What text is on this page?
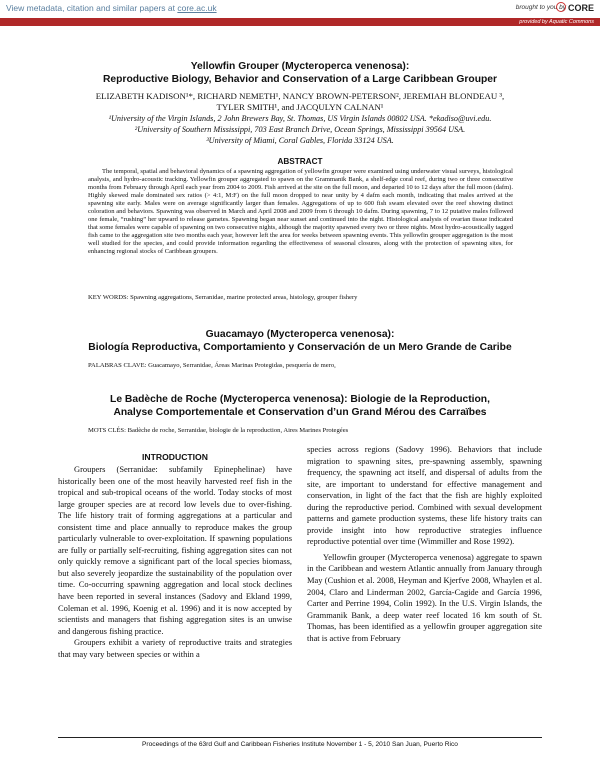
View metadata, citation and similar papers at core.ac.uk	brought to you by CORE
provided by Aquatic Commons
Yellowfin Grouper (Mycteroperca venenosa):
Reproductive Biology, Behavior and Conservation of a Large Caribbean Grouper
ELIZABETH KADISON¹*, RICHARD NEMETH¹, NANCY BROWN-PETERSON², JEREMIAH BLONDEAU ³,
TYLER SMITH¹, and JACQULYN CALNAN¹
¹University of the Virgin Islands, 2 John Brewers Bay, St. Thomas, US Virgin Islands 00802 USA. *ekadiso@uvi.edu.
²University of Southern Mississippi, 703 East Branch Drive, Ocean Springs, Mississippi 39564 USA.
³University of Miami, Coral Gables, Florida 33124 USA.
ABSTRACT
The temporal, spatial and behavioral dynamics of a spawning aggregation of yellowfin grouper were examined using underwater visual surveys, histological analysis, and hydro-acoustic tracking. Yellowfin grouper aggregated to spawn on the Grammanik Bank, a shelf-edge coral reef, during two or three consecutive months from February through April each year from 2004 to 2009. Fish arrived at the site on the full moon, and departed 10 to 12 days after the full moon (dafm). Highly skewed male dominated sex ratios (> 4:1, M:F) on the full moon dropped to near unity by 4 dafm each month, indicating that males arrived at the spawning site early. Males were on average significantly larger than females. Aggregations of up to 600 fish swam elevated over the reef showing distinct coloration and behaviors. Spawning was observed in March and April 2008 and 2009 from 6 through 10 dafm. During spawning, 7 to 12 putative males followed one female, “rushing” her upward to release gametes. Spawning began near sunset and continued into the night. Histological analysis of ovarian tissue indicated that some females were capable of spawning on two consecutive nights, although the majority spawned every two or three nights. Most hydro-acoustically tagged fish came to the aggregation site two months each year, however left the area for weeks between spawning events. This yellowfin grouper aggregation is the most well studied for the species, and could provide information regarding the effectiveness of seasonal closures, along with the protection of spawning sites, for enhancing regional stocks of Caribbean groupers.
KEY WORDS: Spawning aggregations, Serranidae, marine protected areas, histology, grouper fishery
Guacamayo (Mycteroperca venenosa):
Biología Reproductiva, Comportamiento y Conservación de un Mero Grande de Caribe
PALABRAS CLAVE: Guacamayo, Serranidae, Áreas Marinas Protegidas, pesquería de mero,
Le Badèche de Roche (Mycteroperca venenosa): Biologie de la Reproduction,
Analyse Comportementale et Conservation d’un Grand Mérou des Carraïbes
MOTS CLÉS: Badèche de roche, Serranidae, biologie de la reproduction, Aires Marines Protegées
INTRODUCTION

Groupers (Serranidae: subfamily Epinephelinae) have historically been one of the most heavily harvested reef fish in the tropical and sub-tropical oceans of the world. Today stocks of most large grouper species are at record low levels due to over-fishing. The life history trait of forming aggregations at a particular and consistent time and place annually to reproduce makes the group particularly vulnerable to over-exploitation. If spawning populations are fully or partially self-recruiting, fishing aggregation sites can not only quickly remove a significant part of the local species biomass, but also severely jeopardize the sustainability of the population over time. Co-occurring spawning aggregation and local stock declines have been reported in several instances (Sadovy and Ekland 1999, Coleman et al. 1996, Koenig et al. 1996) and it is now accepted by scientists and managers that fishing aggregation sites is an unwise and dangerous fishing practice.

Groupers exhibit a variety of reproductive traits and strategies that may vary between species or within a

species across regions (Sadovy 1996). Behaviors that include migration to spawning sites, pre-spawning assembly, spawning frequency, the spawning act itself, and dispersal of adults from the site, are important to understand for effective management and conservation, in light of the fact that the fish are highly exploited during the reproductive period. Combined with sexual development patterns and gamete production systems, these life history traits can provide insight into how reproductive strategies influence reproductive potential over time (Wimmiller and Rose 1992).

Yellowfin grouper (Mycteroperca venenosa) aggregate to spawn in the Caribbean and western Atlantic annually from January through May (Cushion et al. 2008, Heyman and Kjerfve 2008, Whaylen et al. 2004, Claro and Linderman 2002, García-Cagide and García 1996, Carter and Perrine 1994, Colin 1992). In the U.S. Virgin Islands, the Grammanik Bank, a deep water reef located 16 km south of St. Thomas, has been identified as a yellowfin grouper aggregation site that is active from February

Proceedings of the 63rd Gulf and Caribbean Fisheries Institute November 1 - 5, 2010 San Juan, Puerto Rico
